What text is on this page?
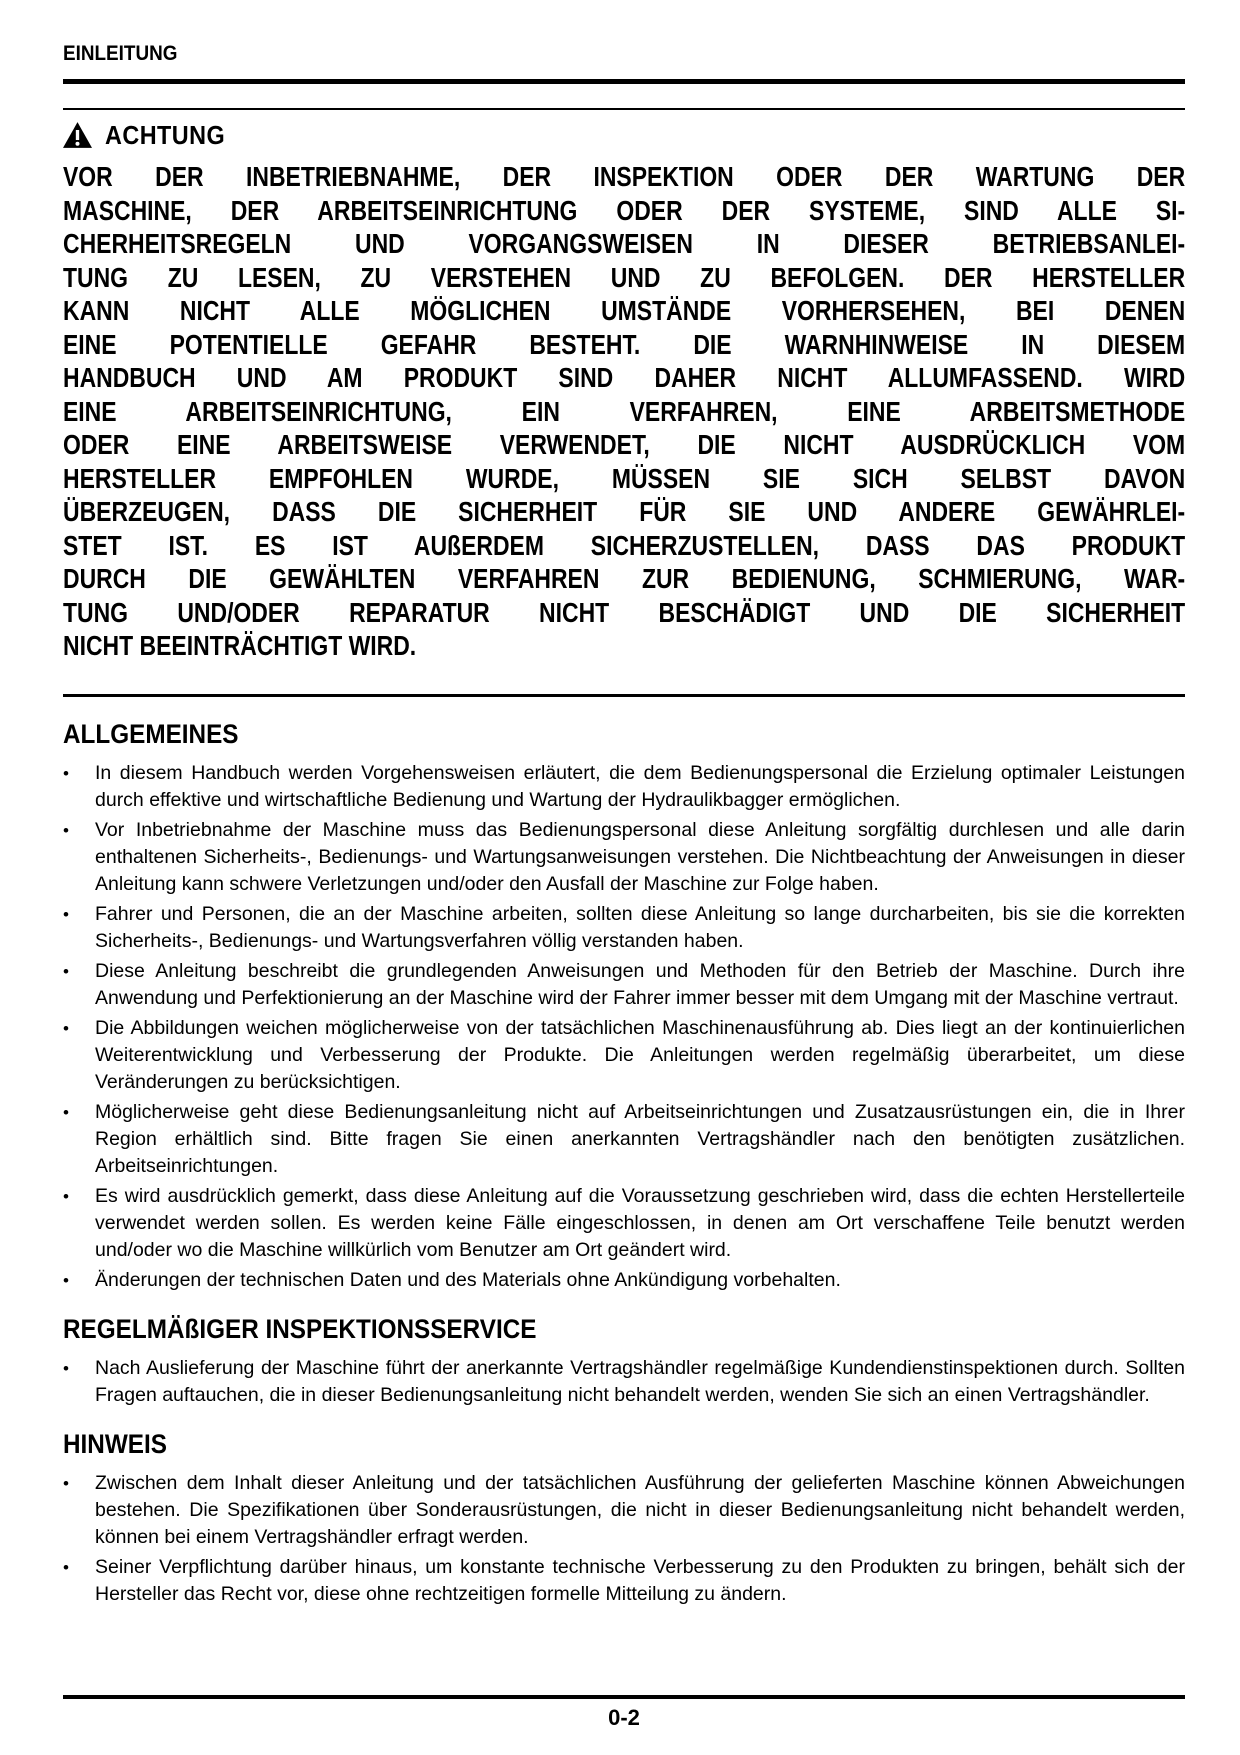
EINLEITUNG
ACHTUNG
VOR DER INBETRIEBNAHME, DER INSPEKTION ODER DER WARTUNG DER
MASCHINE, DER ARBEITSEINRICHTUNG ODER DER SYSTEME, SIND ALLE SI-
CHERHEITSREGELN UND VORGANGSWEISEN IN DIESER BETRIEBSANLEI-
TUNG ZU LESEN, ZU VERSTEHEN UND ZU BEFOLGEN. DER HERSTELLER
KANN NICHT ALLE MÖGLICHEN UMSTÄNDE VORHERSEHEN, BEI DENEN
EINE POTENTIELLE GEFAHR BESTEHT. DIE WARNHINWEISE IN DIESEM
HANDBUCH UND AM PRODUKT SIND DAHER NICHT ALLUMFASSEND. WIRD
EINE ARBEITSEINRICHTUNG, EIN VERFAHREN, EINE ARBEITSMETHODE
ODER EINE ARBEITSWEISE VERWENDET, DIE NICHT AUSDRÜCKLICH VOM
HERSTELLER EMPFOHLEN WURDE, MÜSSEN SIE SICH SELBST DAVON
ÜBERZEUGEN, DASS DIE SICHERHEIT FÜR SIE UND ANDERE GEWÄHRLEI-
STET IST. ES IST AUßERDEM SICHERZUSTELLEN, DASS DAS PRODUKT
DURCH DIE GEWÄHLTEN VERFAHREN ZUR BEDIENUNG, SCHMIERUNG, WAR-
TUNG UND/ODER REPARATUR NICHT BESCHÄDIGT UND DIE SICHERHEIT
NICHT BEEINTRÄCHTIGT WIRD.
ALLGEMEINES
•	In diesem Handbuch werden Vorgehensweisen erläutert, die dem Bedienungspersonal die Erzielung optimaler Leistungen durch effektive und wirtschaftliche Bedienung und Wartung der Hydraulikbagger ermöglichen.
•	Vor Inbetriebnahme der Maschine muss das Bedienungspersonal diese Anleitung sorgfältig durchlesen und alle darin enthaltenen Sicherheits-, Bedienungs- und Wartungsanweisungen verstehen. Die Nichtbeachtung der Anweisungen in dieser Anleitung kann schwere Verletzungen und/oder den Ausfall der Maschine zur Folge haben.
•	Fahrer und Personen, die an der Maschine arbeiten, sollten diese Anleitung so lange durcharbeiten, bis sie die korrekten Sicherheits-, Bedienungs- und Wartungsverfahren völlig verstanden haben.
•	Diese Anleitung beschreibt die grundlegenden Anweisungen und Methoden für den Betrieb der Maschine. Durch ihre Anwendung und Perfektionierung an der Maschine wird der Fahrer immer besser mit dem Umgang mit der Maschine vertraut.
•	Die Abbildungen weichen möglicherweise von der tatsächlichen Maschinenausführung ab. Dies liegt an der kontinuierlichen Weiterentwicklung und Verbesserung der Produkte. Die Anleitungen werden regelmäßig überarbeitet, um diese Veränderungen zu berücksichtigen.
•	Möglicherweise geht diese Bedienungsanleitung nicht auf Arbeitseinrichtungen und Zusatzausrüstungen ein, die in Ihrer Region erhältlich sind. Bitte fragen Sie einen anerkannten Vertragshändler nach den benötigten zusätzlichen. Arbeitseinrichtungen.
•	Es wird ausdrücklich gemerkt, dass diese Anleitung auf die Voraussetzung geschrieben wird, dass die echten Herstellerteile verwendet werden sollen. Es werden keine Fälle eingeschlossen, in denen am Ort verschaffene Teile benutzt werden und/oder wo die Maschine willkürlich vom Benutzer am Ort geändert wird.
•	Änderungen der technischen Daten und des Materials ohne Ankündigung vorbehalten.
REGELMÄßIGER INSPEKTIONSSERVICE
•	Nach Auslieferung der Maschine führt der anerkannte Vertragshändler regelmäßige Kundendienstinspektionen durch. Sollten Fragen auftauchen, die in dieser Bedienungsanleitung nicht behandelt werden, wenden Sie sich an einen Vertragshändler.
HINWEIS
•	Zwischen dem Inhalt dieser Anleitung und der tatsächlichen Ausführung der gelieferten Maschine können Abweichungen bestehen. Die Spezifikationen über Sonderausrüstungen, die nicht in dieser Bedienungsanleitung nicht behandelt werden, können bei einem Vertragshändler erfragt werden.
•	Seiner Verpflichtung darüber hinaus, um konstante technische Verbesserung zu den Produkten zu bringen, behält sich der Hersteller das Recht vor, diese ohne rechtzeitigen formelle Mitteilung zu ändern.
0-2
